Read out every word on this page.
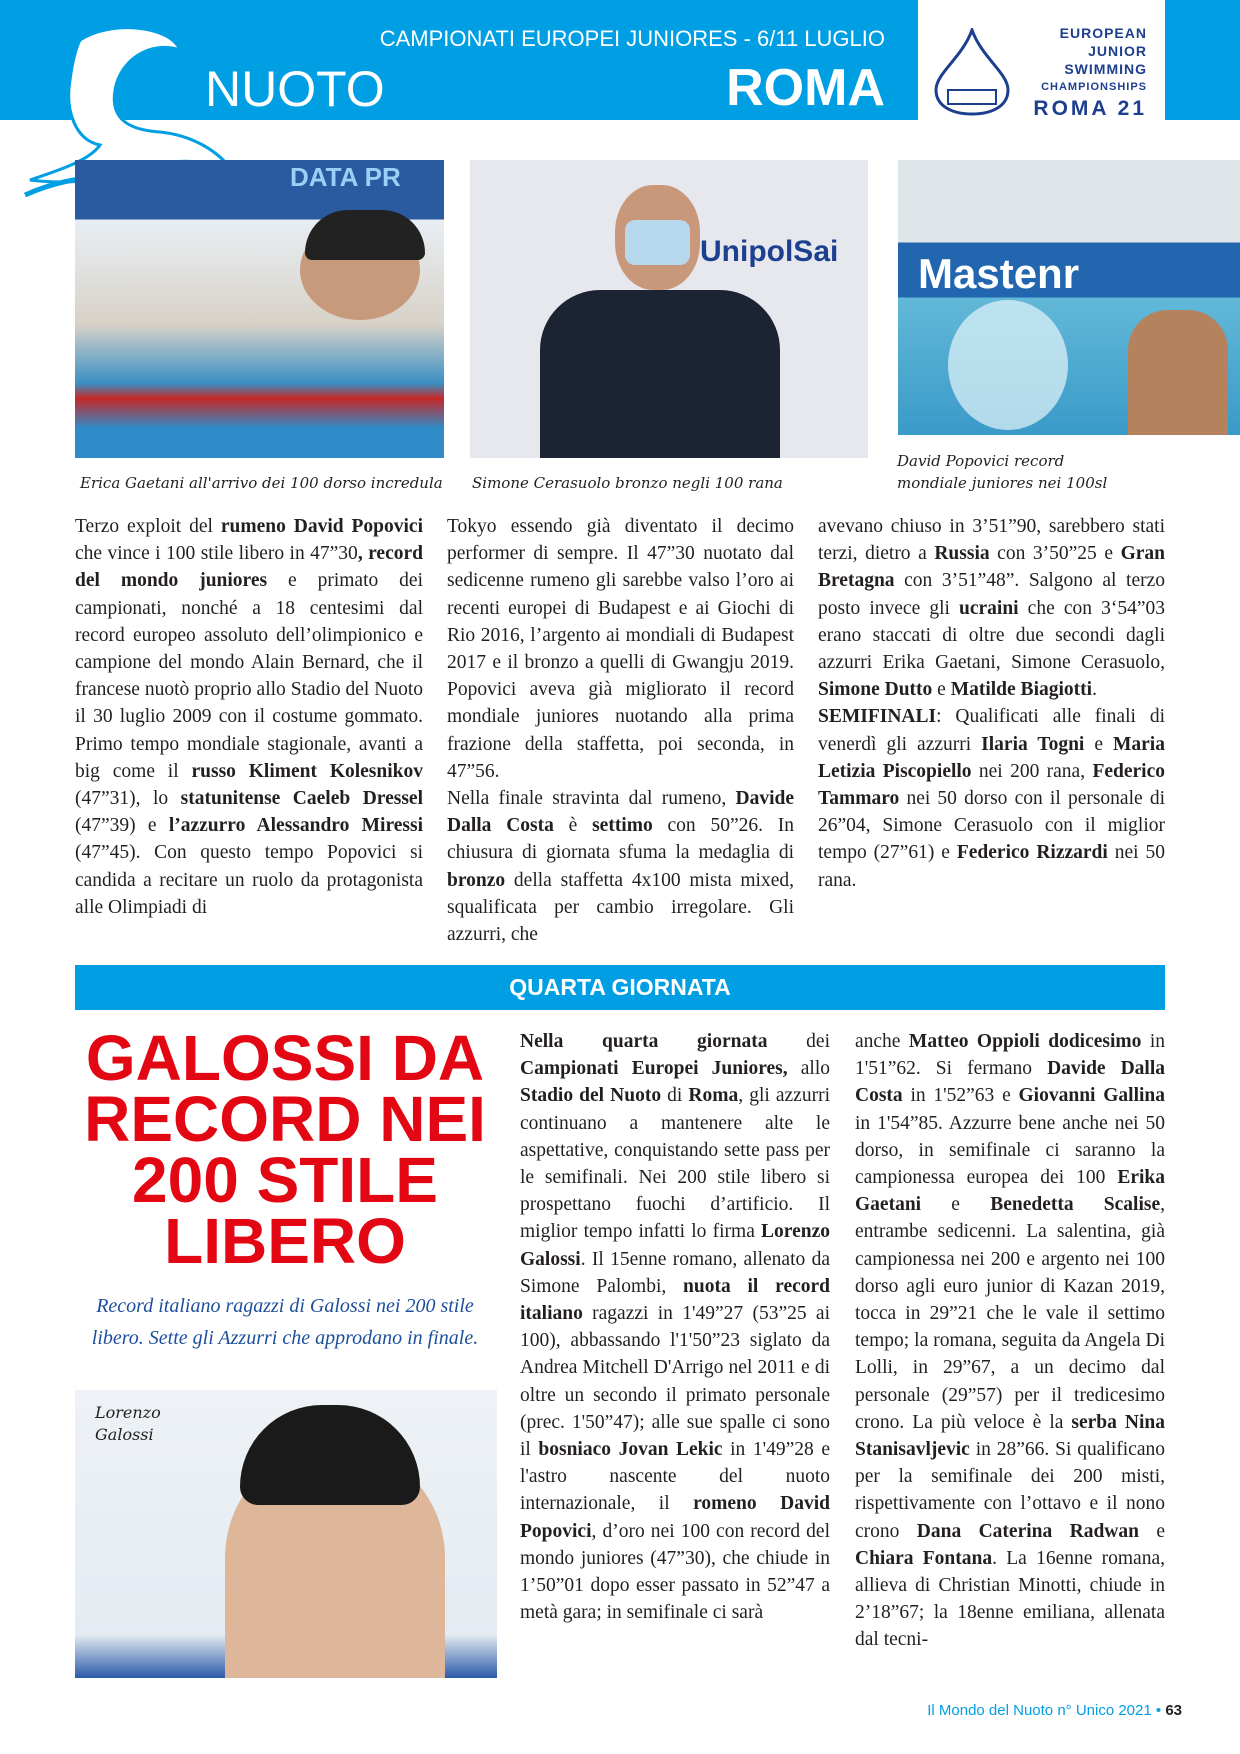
NUOTO
CAMPIONATI EUROPEI JUNIORES - 6/11 LUGLIO
ROMA
EUROPEAN
JUNIOR
SWIMMING
CHAMPIONSHIPS
ROMA 21
DATA PR
UnipolSai Mastenr
Erica Gaetani all'arrivo dei 100 dorso incredula	Simone Cerasuolo bronzo negli 100 rana
David Popovici record mondiale juniores nei 100sl

Terzo exploit del rumeno David Popovici che vince i 100 stile libero in 47”30, record del mondo juniores e primato dei campionati, nonché a 18 centesimi dal record europeo assoluto dell’olimpionico e campione del mondo Alain Bernard, che il francese nuotò proprio allo Stadio del Nuoto il 30 luglio 2009 con il costume gommato. Primo tempo mondiale stagionale, avanti a big come il russo Kliment Kolesnikov (47”31), lo statunitense Caeleb Dressel (47”39) e l’azzurro Alessandro Miressi (47”45). Con questo tempo Popovici si candida a recitare un ruolo da protagonista alle Olimpiadi di

Tokyo essendo già diventato il decimo performer di sempre. Il 47”30 nuotato dal sedicenne rumeno gli sarebbe valso l’oro ai recenti europei di Budapest e ai Giochi di Rio 2016, l’argento ai mondiali di Budapest 2017 e il bronzo a quelli di Gwangju 2019. Popovici aveva già migliorato il record mondiale juniores nuotando alla prima frazione della staffetta, poi seconda, in 47”56.

Nella finale stravinta dal rumeno, Davide Dalla Costa è settimo con 50”26. In chiusura di giornata sfuma la medaglia di bronzo della staffetta 4x100 mista mixed, squalificata per cambio irregolare. Gli azzurri, che

avevano chiuso in 3’51”90, sarebbero stati terzi, dietro a Russia con 3’50”25 e Gran Bretagna con 3’51”48”. Salgono al terzo posto invece gli ucraini che con 3‘54”03 erano staccati di oltre due secondi dagli azzurri Erika Gaetani, Simone Cerasuolo, Simone Dutto e Matilde Biagiotti.

SEMIFINALI: Qualificati alle finali di venerdì gli azzurri Ilaria Togni e Maria Letizia Piscopiello nei 200 rana, Federico Tammaro nei 50 dorso con il personale di 26”04, Simone Cerasuolo con il miglior tempo (27”61) e Federico Rizzardi nei 50 rana.

QUARTA GIORNATA
GALOSSI DA RECORD NEI 200 STILE LIBERO
Record italiano ragazzi di Galossi nei 200 stile libero. Sette gli Azzurri che approdano in finale.
Lorenzo Galossi

Nella quarta giornata dei Campionati Europei Juniores, allo Stadio del Nuoto di Roma, gli azzurri continuano a mantenere alte le aspettative, conquistando sette pass per le semifinali. Nei 200 stile libero si prospettano fuochi d’artificio. Il miglior tempo infatti lo firma Lorenzo Galossi. Il 15enne romano, allenato da Simone Palombi, nuota il record italiano ragazzi in 1'49”27 (53”25 ai 100), abbassando l'1'50”23 siglato da Andrea Mitchell D'Arrigo nel 2011 e di oltre un secondo il primato personale (prec. 1'50”47); alle sue spalle ci sono il bosniaco Jovan Lekic in 1'49”28 e l'astro nascente del nuoto internazionale, il romeno David Popovici, d’oro nei 100 con record del mondo juniores (47”30), che chiude in 1’50”01 dopo esser passato in 52”47 a metà gara; in semifinale ci sarà

anche Matteo Oppioli dodicesimo in 1'51”62. Si fermano Davide Dalla Costa in 1'52”63 e Giovanni Gallina in 1'54”85. Azzurre bene anche nei 50 dorso, in semifinale ci saranno la campionessa europea dei 100 Erika Gaetani e Benedetta Scalise, entrambe sedicenni. La salentina, già campionessa nei 200 e argento nei 100 dorso agli euro junior di Kazan 2019, tocca in 29”21 che le vale il settimo tempo; la romana, seguita da Angela Di Lolli, in 29”67, a un decimo dal personale (29”57) per il tredicesimo crono. La più veloce è la serba Nina Stanisavljevic in 28”66. Si qualificano per la semifinale dei 200 misti, rispettivamente con l’ottavo e il nono crono Dana Caterina Radwan e Chiara Fontana. La 16enne romana, allieva di Christian Minotti, chiude in 2’18”67; la 18enne emiliana, allenata dal tecni-

Il Mondo del Nuoto n° Unico 2021 • 63
